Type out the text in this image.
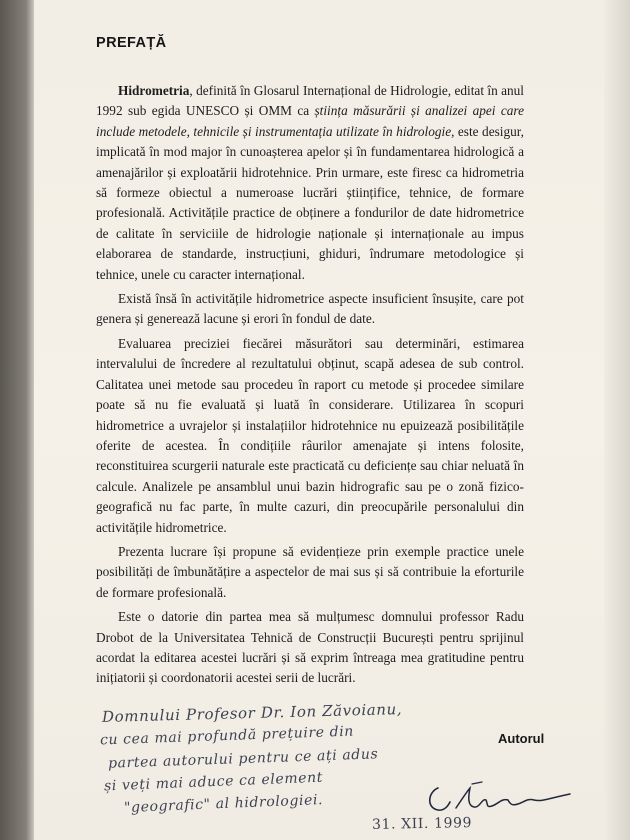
PREFAȚĂ

Hidrometria, definită în Glosarul Internațional de Hidrologie, editat în anul 1992 sub egida UNESCO și OMM ca știința măsurării și analizei apei care include metodele, tehnicile și instrumentația utilizate în hidrologie, este desigur, implicată în mod major în cunoașterea apelor și în fundamentarea hidrologică a amenajărilor și exploatării hidrotehnice. Prin urmare, este firesc ca hidrometria să formeze obiectul a numeroase lucrări științifice, tehnice, de formare profesională. Activitățile practice de obținere a fondurilor de date hidrometrice de calitate în serviciile de hidrologie naționale și internaționale au impus elaborarea de standarde, instrucțiuni, ghiduri, îndrumare metodologice și tehnice, unele cu caracter internațional.

Există însă în activitățile hidrometrice aspecte insuficient însușite, care pot genera și generează lacune și erori în fondul de date.

Evaluarea preciziei fiecărei măsurători sau determinări, estimarea intervalului de încredere al rezultatului obținut, scapă adesea de sub control. Calitatea unei metode sau procedeu în raport cu metode și procedee similare poate să nu fie evaluată și luată în considerare. Utilizarea în scopuri hidrometrice a uvrajelor și instalațiilor hidrotehnice nu epuizează posibilitățile oferite de acestea. În condițiile râurilor amenajate și intens folosite, reconstituirea scurgerii naturale este practicată cu deficiențe sau chiar neluată în calcule. Analizele pe ansamblul unui bazin hidrografic sau pe o zonă fizico-geografică nu fac parte, în multe cazuri, din preocupările personalului din activitățile hidrometrice.

Prezenta lucrare își propune să evidențieze prin exemple practice unele posibilități de îmbunătățire a aspectelor de mai sus și să contribuie la eforturile de formare profesională.

Este o datorie din partea mea să mulțumesc domnului professor Radu Drobot de la Universitatea Tehnică de Construcții București pentru sprijinul acordat la editarea acestei lucrări și să exprim întreaga mea gratitudine pentru inițiatorii și coordonatorii acestei serii de lucrări.

Domnului Profesor Dr. Ion Zăvoianu,
cu cea mai profundă prețuire din
partea autorului pentru ce ați adus
și veți mai aduce ca element
"geografic" al hidrologiei.
Autorul
31. XII. 1999
